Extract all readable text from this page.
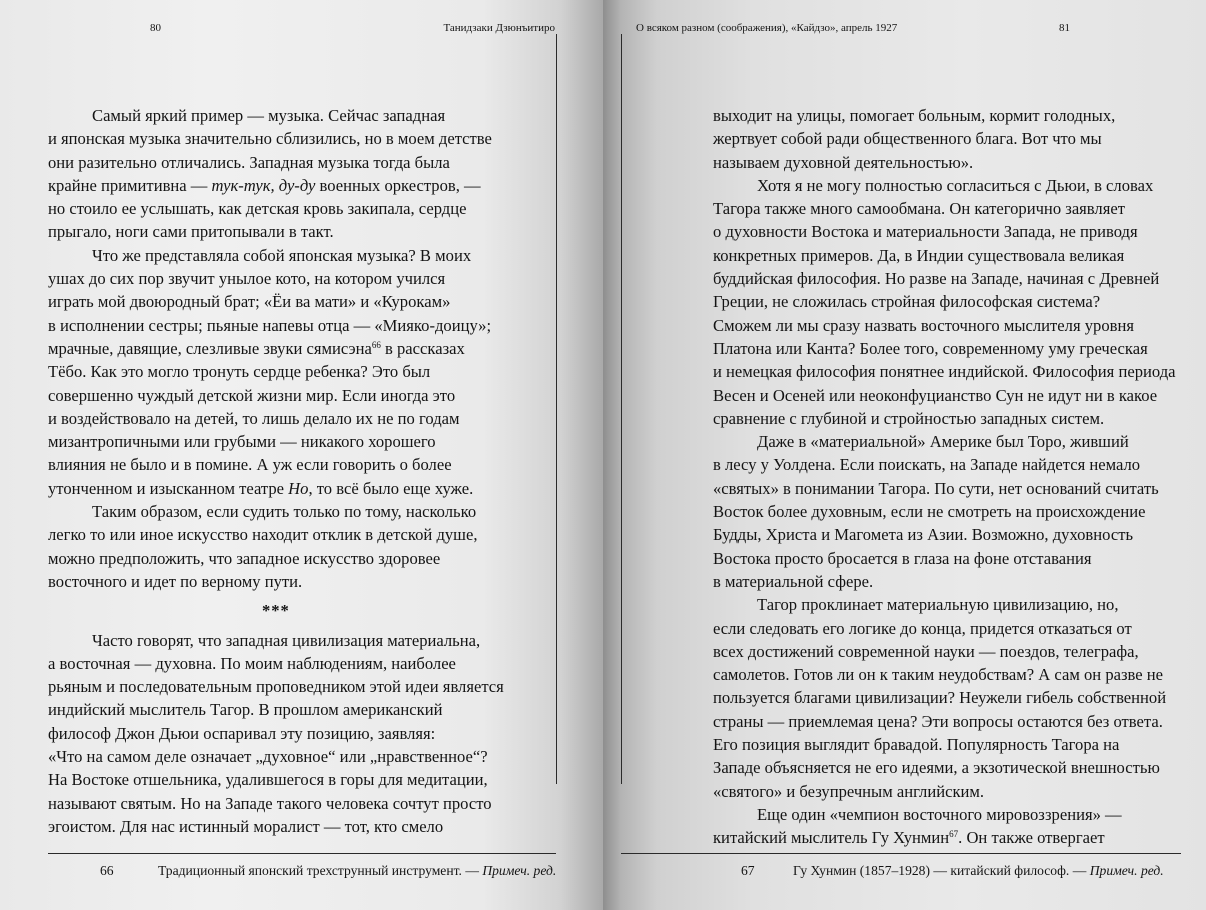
80	Танидзаки Дзюнъитиро
Самый яркий пример — музыка. Сейчас западная
и японская музыка значительно сблизились, но в моем детстве
они разительно отличались. Западная музыка тогда была
крайне примитивна — тук-тук, ду-ду военных оркестров, —
но стоило ее услышать, как детская кровь закипала, сердце
прыгало, ноги сами притопывали в такт.
Что же представляла собой японская музыка? В моих
ушах до сих пор звучит унылое кото, на котором учился
играть мой двоюродный брат; «Ёи ва мати» и «Курокам»
в исполнении сестры; пьяные напевы отца — «Мияко-доицу»;
мрачные, давящие, слезливые звуки сямисэна$^{66}$ в рассказах
Тёбо. Как это могло тронуть сердце ребенка? Это был
совершенно чуждый детской жизни мир. Если иногда это
и воздействовало на детей, то лишь делало их не по годам
мизантропичными или грубыми — никакого хорошего
влияния не было и в помине. А уж если говорить о более
утонченном и изысканном театре Но, то всё было еще хуже.
Таким образом, если судить только по тому, насколько
легко то или иное искусство находит отклик в детской душе,
можно предположить, что западное искусство здоровее
восточного и идет по верному пути.
***
Часто говорят, что западная цивилизация материальна,
а восточная — духовна. По моим наблюдениям, наиболее
рьяным и последовательным проповедником этой идеи является
индийский мыслитель Тагор. В прошлом американский
философ Джон Дьюи оспаривал эту позицию, заявляя:
«Что на самом деле означает „духовное“ или „нравственное“?
На Востоке отшельника, удалившегося в горы для медитации,
называют святым. Но на Западе такого человека сочтут просто
эгоистом. Для нас истинный моралист — тот, кто смело
66	Традиционный японский трехструнный инструмент. — Примеч. ред.
О всяком разном (соображения), «Кайдзо», апрель 1927	81
выходит на улицы, помогает больным, кормит голодных,
жертвует собой ради общественного блага. Вот что мы
называем духовной деятельностью».
Хотя я не могу полностью согласиться с Дьюи, в словах
Тагора также много самообмана. Он категорично заявляет
о духовности Востока и материальности Запада, не приводя
конкретных примеров. Да, в Индии существовала великая
буддийская философия. Но разве на Западе, начиная с Древней
Греции, не сложилась стройная философская система?
Сможем ли мы сразу назвать восточного мыслителя уровня
Платона или Канта? Более того, современному уму греческая
и немецкая философия понятнее индийской. Философия периода
Весен и Осеней или неоконфуцианство Сун не идут ни в какое
сравнение с глубиной и стройностью западных систем.
Даже в «материальной» Америке был Торо, живший
в лесу у Уолдена. Если поискать, на Западе найдется немало
«святых» в понимании Тагора. По сути, нет оснований считать
Восток более духовным, если не смотреть на происхождение
Будды, Христа и Магомета из Азии. Возможно, духовность
Востока просто бросается в глаза на фоне отставания
в материальной сфере.
Тагор проклинает материальную цивилизацию, но,
если следовать его логике до конца, придется отказаться от
всех достижений современной науки — поездов, телеграфа,
самолетов. Готов ли он к таким неудобствам? А сам он разве не
пользуется благами цивилизации? Неужели гибель собственной
страны — приемлемая цена? Эти вопросы остаются без ответа.
Его позиция выглядит бравадой. Популярность Тагора на
Западе объясняется не его идеями, а экзотической внешностью
«святого» и безупречным английским.
Еще один «чемпион восточного мировоззрения» —
китайский мыслитель Гу Хунмин$^{67}$. Он также отвергает
67	Гу Хунмин (1857–1928) — китайский философ. — Примеч. ред.
